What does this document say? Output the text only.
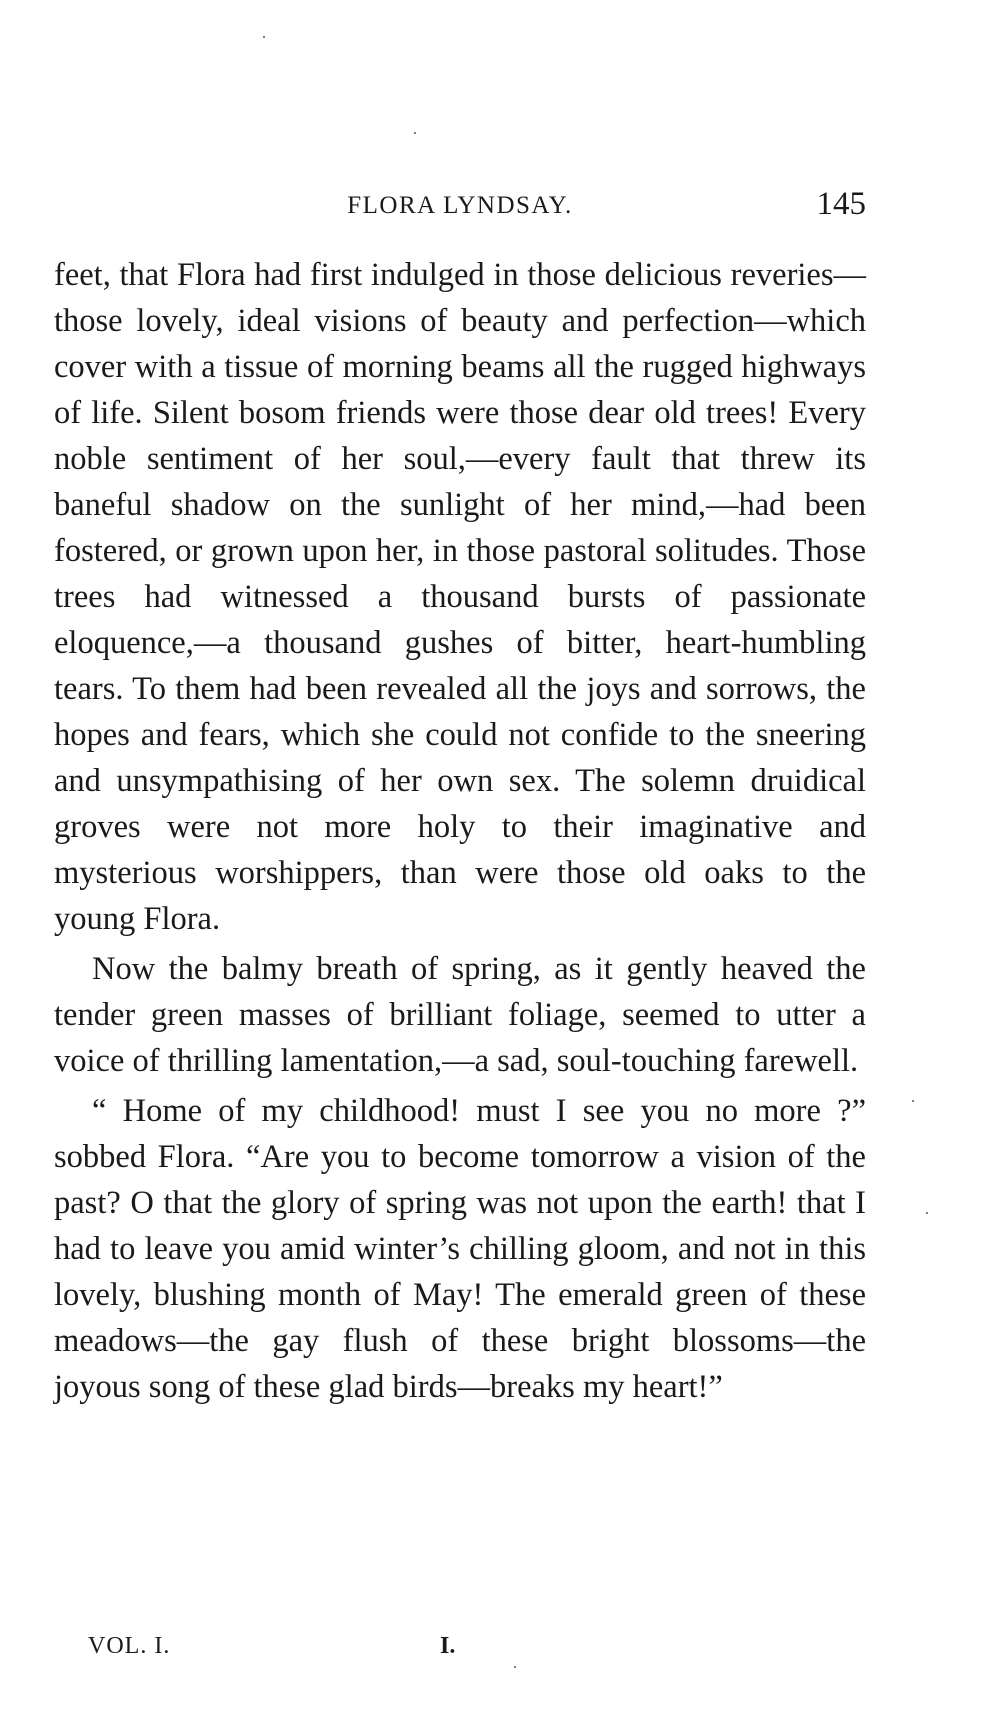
FLORA LYNDSAY.	145

feet, that Flora had first indulged in those delicious reveries—those lovely, ideal visions of beauty and perfection—which cover with a tissue of morning beams all the rugged highways of life. Silent bosom friends were those dear old trees! Every noble sentiment of her soul,—every fault that threw its baneful shadow on the sunlight of her mind,—had been fostered, or grown upon her, in those pastoral solitudes. Those trees had witnessed a thousand bursts of passionate eloquence,—a thousand gushes of bitter, heart-humbling tears. To them had been revealed all the joys and sorrows, the hopes and fears, which she could not confide to the sneering and unsympathising of her own sex. The solemn druidical groves were not more holy to their imaginative and mysterious worshippers, than were those old oaks to the young Flora.

Now the balmy breath of spring, as it gently heaved the tender green masses of brilliant foliage, seemed to utter a voice of thrilling lamentation,—a sad, soul-touching farewell.

“ Home of my childhood! must I see you no more ?” sobbed Flora. “Are you to become tomorrow a vision of the past? O that the glory of spring was not upon the earth! that I had to leave you amid winter’s chilling gloom, and not in this lovely, blushing month of May! The emerald green of these meadows—the gay flush of these bright blossoms—the joyous song of these glad birds—breaks my heart!”

VOL. I.	I.
